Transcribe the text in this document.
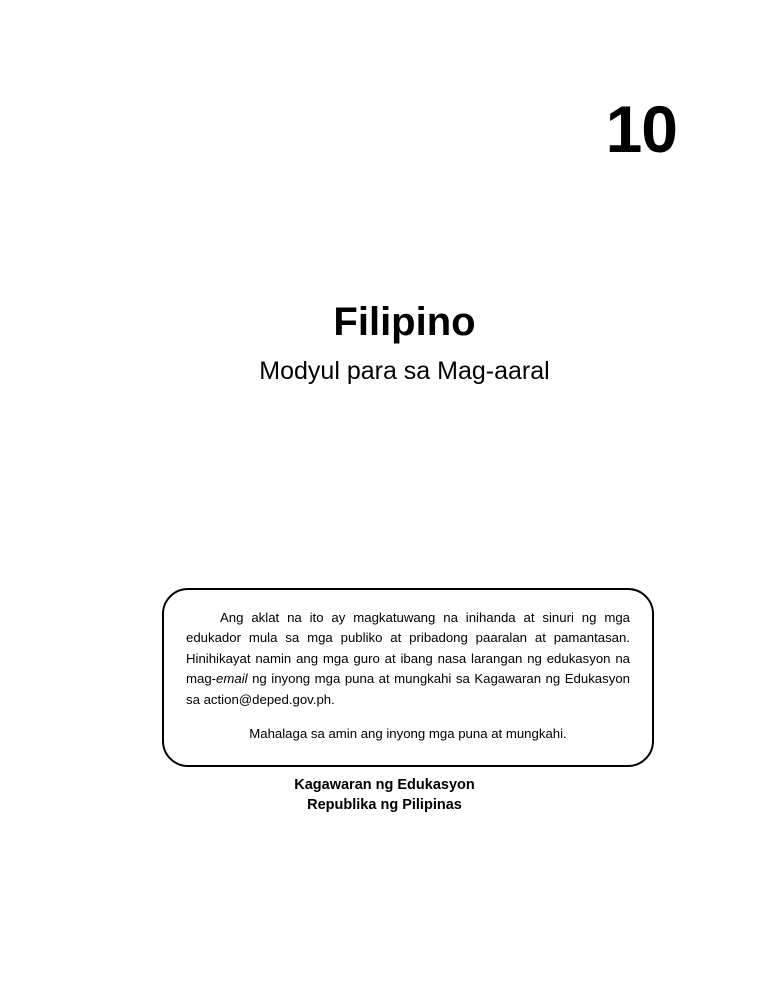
10
Filipino

Modyul para sa Mag-aaral

Ang aklat na ito ay magkatuwang na inihanda at sinuri ng mga edukador mula sa mga publiko at pribadong paaralan at pamantasan. Hinihikayat namin ang mga guro at ibang nasa larangan ng edukasyon na mag-email ng inyong mga puna at mungkahi sa Kagawaran ng Edukasyon sa action@deped.gov.ph.

Mahalaga sa amin ang inyong mga puna at mungkahi.

Kagawaran ng Edukasyon

Republika ng Pilipinas
